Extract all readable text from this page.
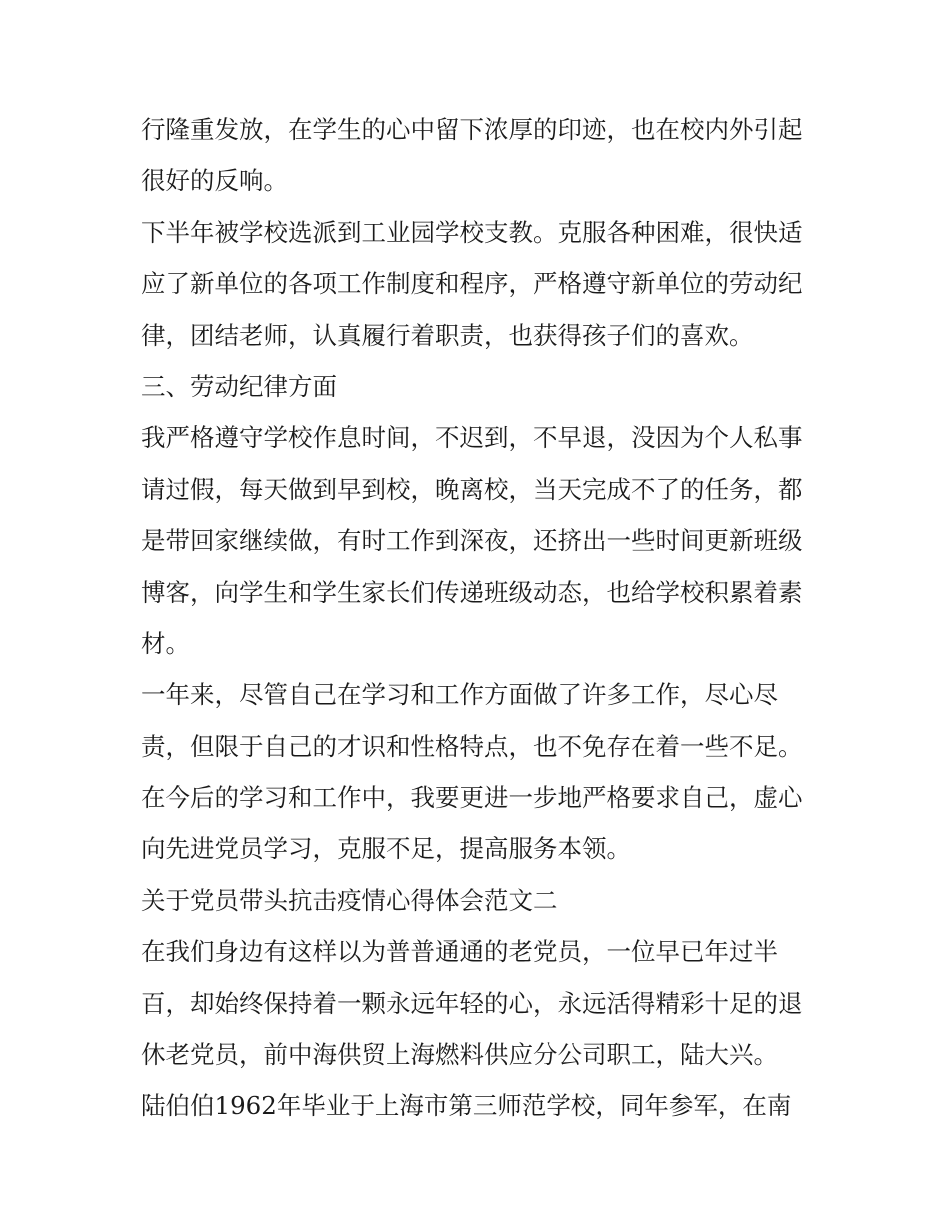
行隆重发放，在学生的心中留下浓厚的印迹，也在校内外引起
很好的反响。
下半年被学校选派到工业园学校支教。克服各种困难，很快适
应了新单位的各项工作制度和程序，严格遵守新单位的劳动纪
律，团结老师，认真履行着职责，也获得孩子们的喜欢。
三、劳动纪律方面
我严格遵守学校作息时间，不迟到，不早退，没因为个人私事
请过假，每天做到早到校，晚离校，当天完成不了的任务，都
是带回家继续做，有时工作到深夜，还挤出一些时间更新班级
博客，向学生和学生家长们传递班级动态，也给学校积累着素
材。
一年来，尽管自己在学习和工作方面做了许多工作，尽心尽
责，但限于自己的才识和性格特点，也不免存在着一些不足。
在今后的学习和工作中，我要更进一步地严格要求自己，虚心
向先进党员学习，克服不足，提高服务本领。
关于党员带头抗击疫情心得体会范文二
在我们身边有这样以为普普通通的老党员，一位早已年过半
百，却始终保持着一颗永远年轻的心，永远活得精彩十足的退
休老党员，前中海供贸上海燃料供应分公司职工，陆大兴。
陆伯伯1962年毕业于上海市第三师范学校，同年参军，在南
